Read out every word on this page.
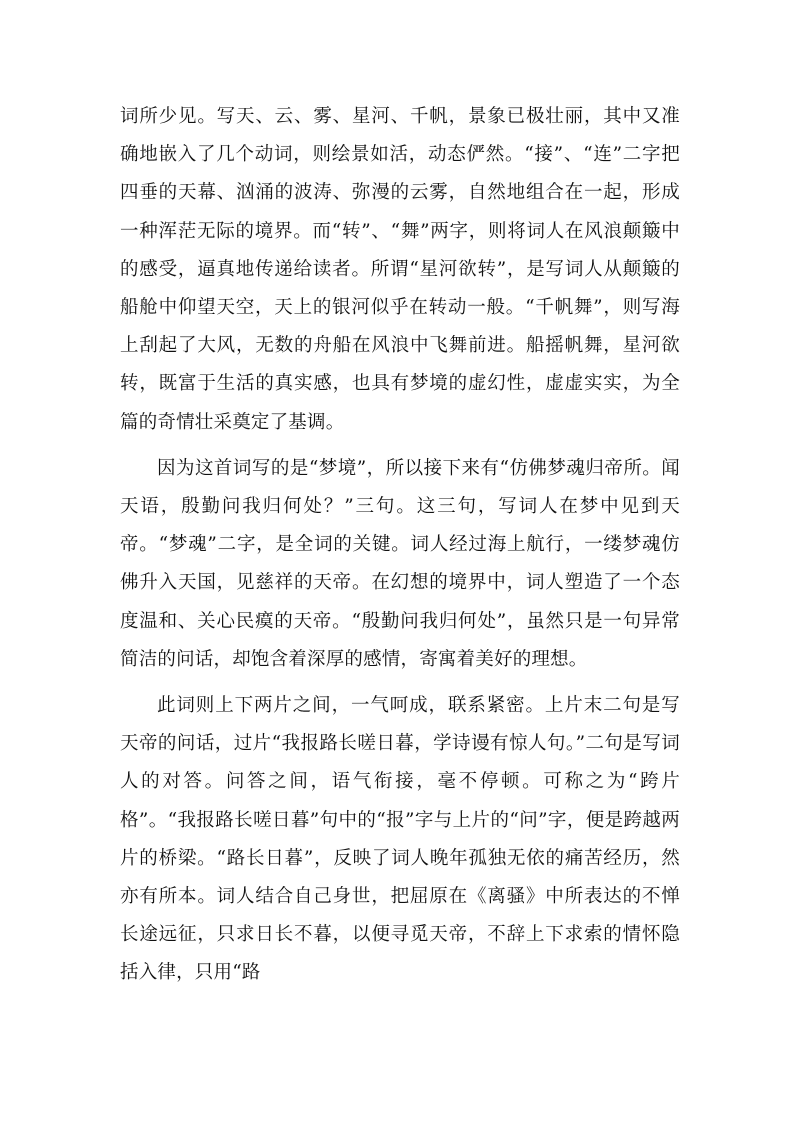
词所少见。写天、云、雾、星河、千帆，景象已极壮丽，其中又准确地嵌入了几个动词，则绘景如活，动态俨然。“接”、“连”二字把四垂的天幕、汹涌的波涛、弥漫的云雾，自然地组合在一起，形成一种浑茫无际的境界。而“转”、“舞”两字，则将词人在风浪颠簸中的感受，逼真地传递给读者。所谓“星河欲转”，是写词人从颠簸的船舱中仰望天空，天上的银河似乎在转动一般。“千帆舞”，则写海上刮起了大风，无数的舟船在风浪中飞舞前进。船摇帆舞，星河欲转，既富于生活的真实感，也具有梦境的虚幻性，虚虚实实，为全篇的奇情壮采奠定了基调。

因为这首词写的是“梦境”，所以接下来有“仿佛梦魂归帝所。闻天语，殷勤问我归何处？”三句。这三句，写词人在梦中见到天帝。“梦魂”二字，是全词的关键。词人经过海上航行，一缕梦魂仿佛升入天国，见慈祥的天帝。在幻想的境界中，词人塑造了一个态度温和、关心民瘼的天帝。“殷勤问我归何处”，虽然只是一句异常简洁的问话，却饱含着深厚的感情，寄寓着美好的理想。

此词则上下两片之间，一气呵成，联系紧密。上片末二句是写天帝的问话，过片“我报路长嗟日暮，学诗谩有惊人句。”二句是写词人的对答。问答之间，语气衔接，毫不停顿。可称之为“跨片格”。“我报路长嗟日暮”句中的“报”字与上片的“问”字，便是跨越两片的桥梁。“路长日暮”，反映了词人晚年孤独无依的痛苦经历，然亦有所本。词人结合自己身世，把屈原在《离骚》中所表达的不惮长途远征，只求日长不暮，以便寻觅天帝，不辞上下求索的情怀隐括入律，只用“路
